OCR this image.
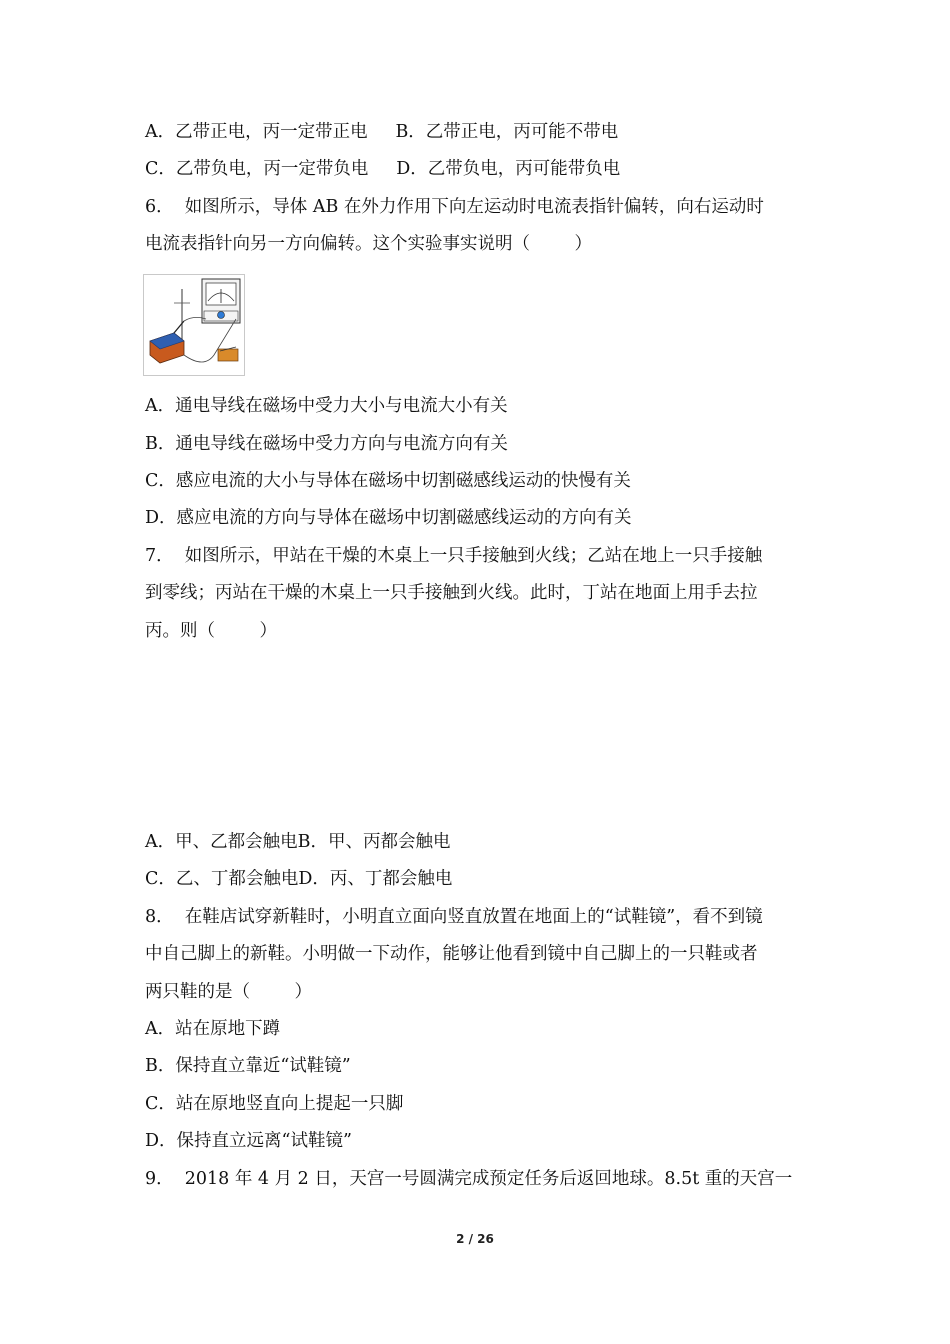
A．乙带正电，丙一定带正电     B．乙带正电，丙可能不带电
C．乙带负电，丙一定带负电     D．乙带负电，丙可能带负电
6．  如图所示，导体 AB 在外力作用下向左运动时电流表指针偏转，向右运动时
电流表指针向另一方向偏转。这个实验事实说明（        ）
A．通电导线在磁场中受力大小与电流大小有关
B．通电导线在磁场中受力方向与电流方向有关
C．感应电流的大小与导体在磁场中切割磁感线运动的快慢有关
D．感应电流的方向与导体在磁场中切割磁感线运动的方向有关
7．  如图所示，甲站在干燥的木桌上一只手接触到火线；乙站在地上一只手接触
到零线；丙站在干燥的木桌上一只手接触到火线。此时，丁站在地面上用手去拉
丙。则（        ）
A．甲、乙都会触电B．甲、丙都会触电
C．乙、丁都会触电D．丙、丁都会触电
8．  在鞋店试穿新鞋时，小明直立面向竖直放置在地面上的“试鞋镜”，看不到镜
中自己脚上的新鞋。小明做一下动作，能够让他看到镜中自己脚上的一只鞋或者
两只鞋的是（        ）
A．站在原地下蹲
B．保持直立靠近“试鞋镜”
C．站在原地竖直向上提起一只脚
D．保持直立远离“试鞋镜”
9．  2018 年 4 月 2 日，天宫一号圆满完成预定任务后返回地球。8.5t 重的天宫一
2 / 26
